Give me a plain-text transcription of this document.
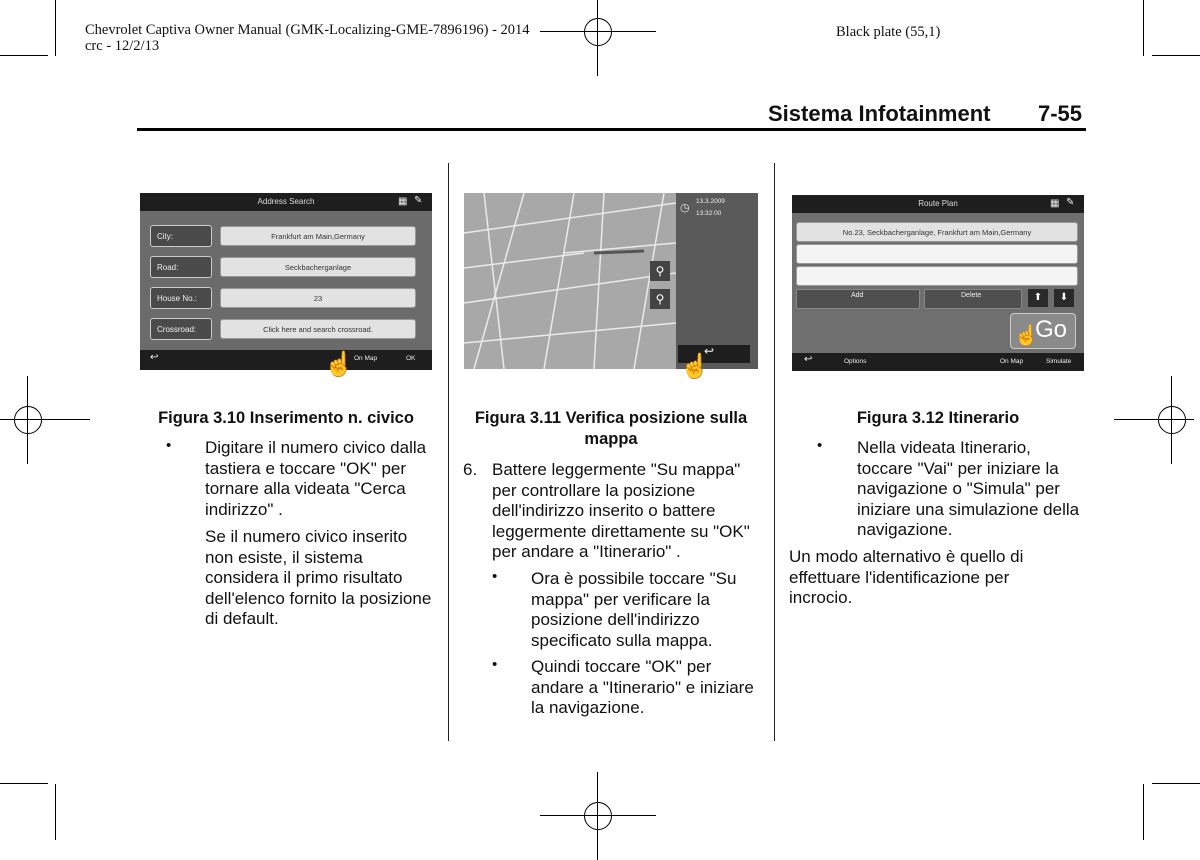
Chevrolet Captiva Owner Manual (GMK-Localizing-GME-7896196) - 2014
crc - 12/2/13
Black plate (55,1)
Sistema Infotainment 7-55
Address Search	▦ ✎
City:	Frankfurt am Main,Germany
Road:	Seckbacherganlage
House No.:	23
Crossroad:	Click here and search crossroad.
↩	On Map	OK
☝
◷
13.3.2009
13:32:00
⚲
⚲
↩
☝
Route Plan	▦ ✎
No.23, Seckbacherganlage, Frankfurt am Main,Germany
Add	Delete	⬆	⬇
Go
☝
↩	Options	On Map	Simulate
Figura 3.10 Inserimento n. civico	Figura 3.11 Verifica posizione sulla mappa
Figura 3.12 Itinerario
• Digitare il numero civico dalla tastiera e toccare "OK" per tornare alla videata "Cerca indirizzo" .
Se il numero civico inserito non esiste, il sistema considera il primo risultato dell'elenco fornito la posizione di default.
6. Battere leggermente "Su mappa" per controllare la posizione dell'indirizzo inserito o battere leggermente direttamente su "OK" per andare a "Itinerario" .
• Ora è possibile toccare "Su mappa" per verificare la posizione dell'indirizzo specificato sulla mappa.
• Quindi toccare "OK" per andare a "Itinerario" e iniziare la navigazione.
• Nella videata Itinerario, toccare "Vai" per iniziare la navigazione o "Simula" per iniziare una simulazione della navigazione.
Un modo alternativo è quello di effettuare l'identificazione per incrocio.
